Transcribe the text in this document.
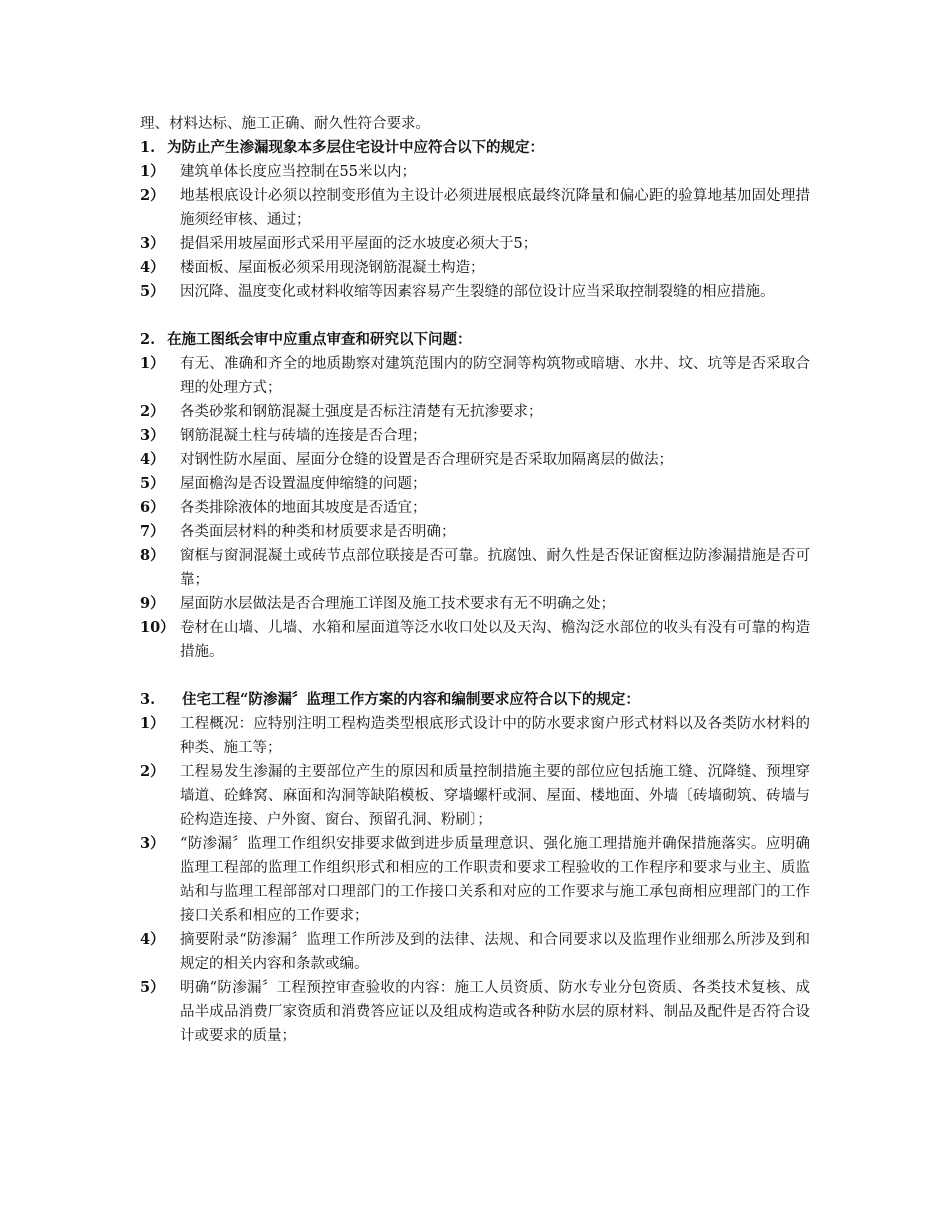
理、材料达标、施工正确、耐久性符合要求。

1. 为防止产生渗漏现象本多层住宅设计中应符合以下的规定：

1）	建筑单体长度应当控制在55米以内；
2）	地基根底设计必须以控制变形值为主设计必须进展根底最终沉降量和偏心距的验算地基加固处理措施须经审核、通过；
3）	提倡采用坡屋面形式采用平屋面的泛水坡度必须大于5；
4）	楼面板、屋面板必须采用现浇钢筋混凝土构造；
5）	因沉降、温度变化或材料收缩等因素容易产生裂缝的部位设计应当采取控制裂缝的相应措施。

2. 在施工图纸会审中应重点审查和研究以下问题：

1）	有无、准确和齐全的地质勘察对建筑范围内的防空洞等构筑物或暗塘、水井、坟、坑等是否采取合理的处理方式；
2）	各类砂浆和钢筋混凝土强度是否标注清楚有无抗渗要求；
3）	钢筋混凝土柱与砖墙的连接是否合理；
4）	对钢性防水屋面、屋面分仓缝的设置是否合理研究是否采取加隔离层的做法；
5）	屋面檐沟是否设置温度伸缩缝的问题；
6）	各类排除液体的地面其坡度是否适宜；
7）	各类面层材料的种类和材质要求是否明确；
8）	窗框与窗洞混凝土或砖节点部位联接是否可靠。抗腐蚀、耐久性是否保证窗框边防渗漏措施是否可靠；
9）	屋面防水层做法是否合理施工详图及施工技术要求有无不明确之处；
10） 卷材在山墙、儿墙、水箱和屋面道等泛水收口处以及天沟、檐沟泛水部位的收头有没有可靠的构造措施。

3. 住宅工程“防渗漏〞监理工作方案的内容和编制要求应符合以下的规定：

1）	工程概况：应特别注明工程构造类型根底形式设计中的防水要求窗户形式材料以及各类防水材料的种类、施工等；
2）	工程易发生渗漏的主要部位产生的原因和质量控制措施主要的部位应包括施工缝、沉降缝、预埋穿墙道、砼蜂窝、麻面和沟洞等缺陷模板、穿墙螺杆或洞、屋面、楼地面、外墙〔砖墙砌筑、砖墙与砼构造连接、户外窗、窗台、预留孔洞、粉刷〕；
3）	“防渗漏〞监理工作组织安排要求做到进步质量理意识、强化施工理措施并确保措施落实。应明确监理工程部的监理工作组织形式和相应的工作职责和要求工程验收的工作程序和要求与业主、质监站和与监理工程部部对口理部门的工作接口关系和对应的工作要求与施工承包商相应理部门的工作接口关系和相应的工作要求；
4）	摘要附录“防渗漏〞监理工作所涉及到的法律、法规、和合同要求以及监理作业细那么所涉及到和规定的相关内容和条款或编。
5）	明确“防渗漏〞工程预控审查验收的内容：施工人员资质、防水专业分包资质、各类技术复核、成品半成品消费厂家资质和消费答应证以及组成构造或各种防水层的原材料、制品及配件是否符合设计或要求的质量；
